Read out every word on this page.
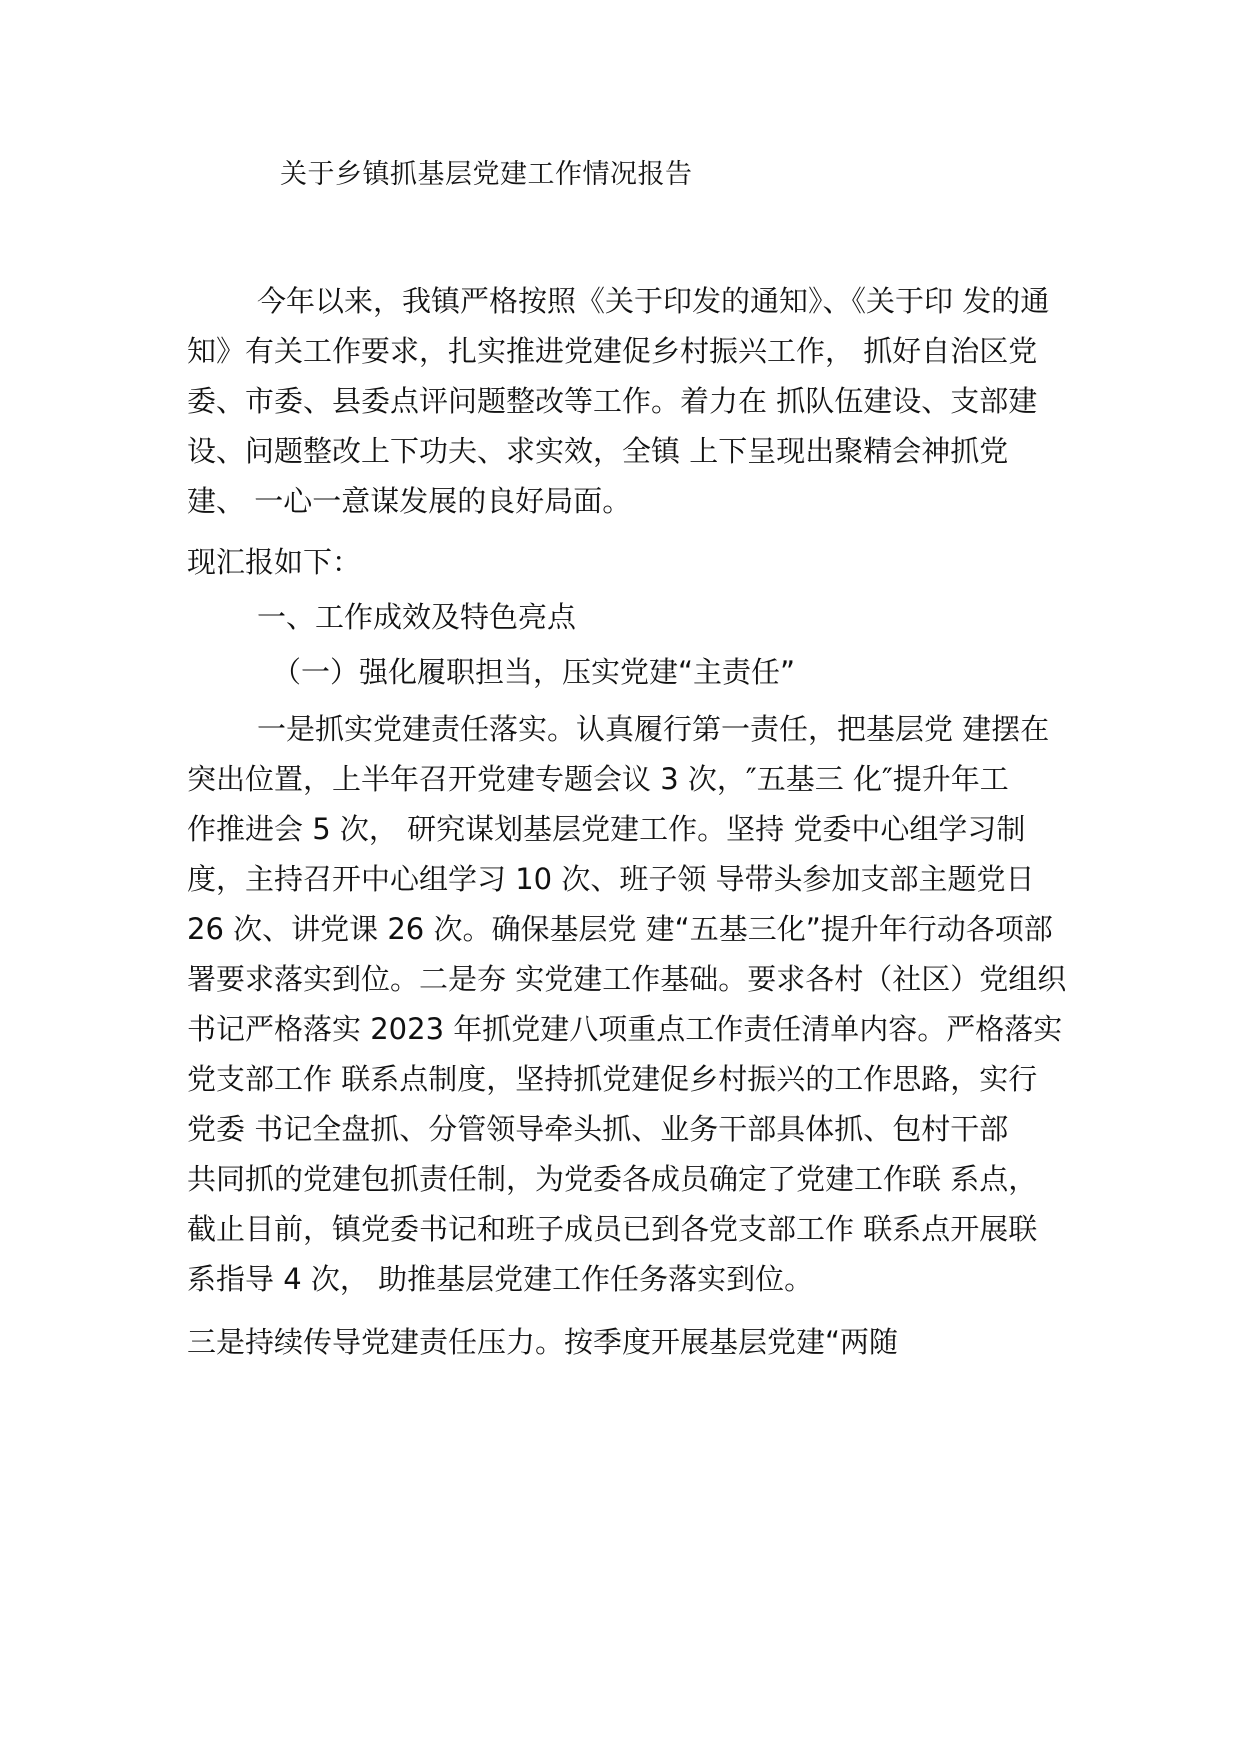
关于乡镇抓基层党建工作情况报告
今年以来，我镇严格按照《关于印发的通知》、《关于印 发的通
知》有关工作要求，扎实推进党建促乡村振兴工作， 抓好自治区党
委、市委、县委点评问题整改等工作。着力在 抓队伍建设、支部建
设、问题整改上下功夫、求实效，全镇 上下呈现出聚精会神抓党
建、 一心一意谋发展的良好局面。
现汇报如下：
一、工作成效及特色亮点
（一）强化履职担当，压实党建“主责任”
一是抓实党建责任落实。认真履行第一责任，把基层党 建摆在
突出位置，上半年召开党建专题会议 3 次，″五基三 化″提升年工
作推进会 5 次， 研究谋划基层党建工作。坚持 党委中心组学习制
度，主持召开中心组学习 10 次、班子领 导带头参加支部主题党日
26 次、讲党课 26 次。确保基层党 建“五基三化”提升年行动各项部
署要求落实到位。二是夯 实党建工作基础。要求各村（社区）党组织
书记严格落实 2023 年抓党建八项重点工作责任清单内容。严格落实
党支部工作 联系点制度，坚持抓党建促乡村振兴的工作思路，实行
党委 书记全盘抓、分管领导牵头抓、业务干部具体抓、包村干部
共同抓的党建包抓责任制，为党委各成员确定了党建工作联 系点，
截止目前，镇党委书记和班子成员已到各党支部工作 联系点开展联
系指导 4 次， 助推基层党建工作任务落实到位。
三是持续传导党建责任压力。按季度开展基层党建“两随
